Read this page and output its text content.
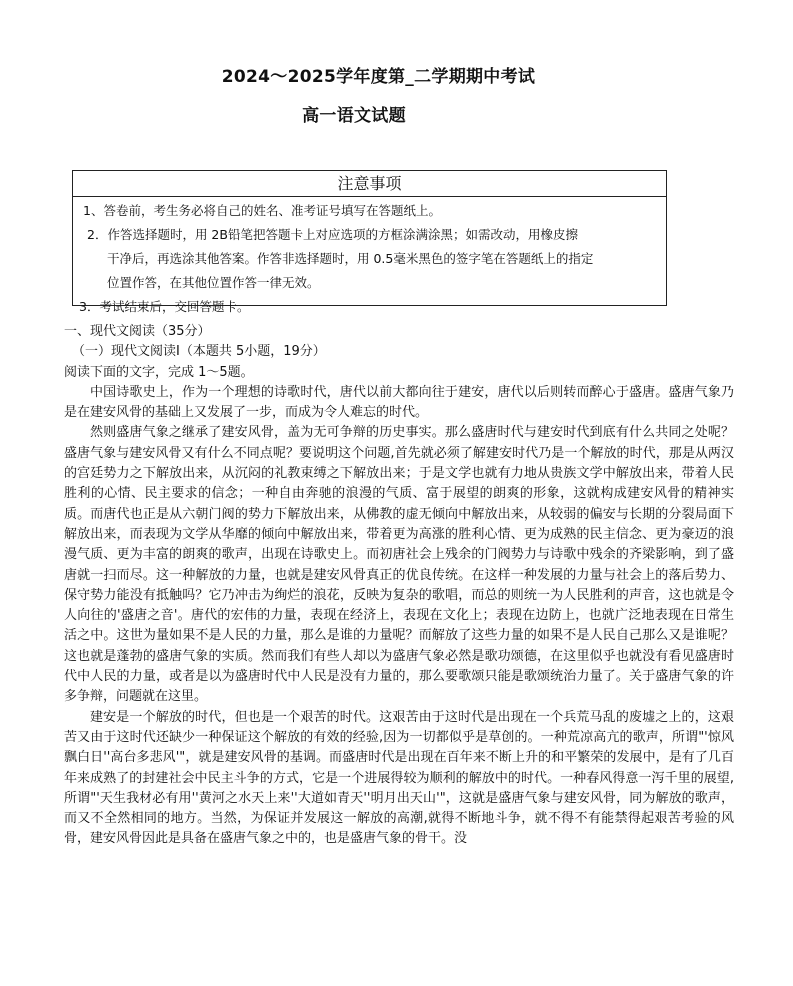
2024～2025学年度第_二学期期中考试
高一语文试题
注意事项
1、答卷前，考生务必将自己的姓名、准考证号填写在答题纸上。
2．作答选择题时，用 2B铅笔把答题卡上对应选项的方框涂满涂黑；如需改动，用橡皮擦
干净后，再选涂其他答案。作答非选择题时，用 0.5毫米黑色的签字笔在答题纸上的指定
位置作答，在其他位置作答一律无效。
3．考试结束后，交回答题卡。

一、现代文阅读（35分）

（一）现代文阅读Ⅰ（本题共 5小题，19分）

阅读下面的文字，完成 1～5题。

中国诗歌史上，作为一个理想的诗歌时代，唐代以前大都向往于建安，唐代以后则转而醉心于盛唐。盛唐气象乃是在建安风骨的基础上又发展了一步，而成为令人难忘的时代。

然则盛唐气象之继承了建安风骨，盖为无可争辩的历史事实。那么盛唐时代与建安时代到底有什么共同之处呢？盛唐气象与建安风骨又有什么不同点呢？要说明这个问题,首先就必须了解建安时代乃是一个解放的时代，那是从两汉的宫廷势力之下解放出来，从沉闷的礼教束缚之下解放出来；于是文学也就有力地从贵族文学中解放出来，带着人民胜利的心情、民主要求的信念；一种自由奔驰的浪漫的气质、富于展望的朗爽的形象，这就构成建安风骨的精神实质。而唐代也正是从六朝门阀的势力下解放出来，从佛教的虚无倾向中解放出来，从较弱的偏安与长期的分裂局面下解放出来，而表现为文学从华靡的倾向中解放出来，带着更为高涨的胜利心情、更为成熟的民主信念、更为豪迈的浪漫气质、更为丰富的朗爽的歌声，出现在诗歌史上。而初唐社会上残余的门阀势力与诗歌中残余的齐梁影响，到了盛唐就一扫而尽。这一种解放的力量，也就是建安风骨真正的优良传统。在这样一种发展的力量与社会上的落后势力、保守势力能没有抵触吗？它乃冲击为绚烂的浪花，反映为复杂的歌唱，而总的则统一为人民胜利的声音，这也就是令人向往的'盛唐之音'。唐代的宏伟的力量，表现在经济上，表现在文化上；表现在边防上，也就广泛地表现在日常生活之中。这世为量如果不是人民的力量，那么是谁的力量呢？而解放了这些力量的如果不是人民自己那么又是谁呢？这也就是蓬勃的盛唐气象的实质。然而我们有些人却以为盛唐气象必然是歌功颂德，在这里似乎也就没有看见盛唐时代中人民的力量，或者是以为盛唐时代中人民是没有力量的，那么要歌颂只能是歌颂统治力量了。关于盛唐气象的许多争辩，问题就在这里。

建安是一个解放的时代，但也是一个艰苦的时代。这艰苦由于这时代是出现在一个兵荒马乱的废墟之上的，这艰苦又由于这时代还缺少一种保证这个解放的有效的经验,因为一切都似乎是草创的。一种荒凉高亢的歌声，所谓"'惊风飘白日''高台多悲风'"，就是建安风骨的基调。而盛唐时代是出现在百年来不断上升的和平繁荣的发展中，是有了几百年来成熟了的封建社会中民主斗争的方式，它是一个进展得较为顺利的解放中的时代。一种春风得意一泻千里的展望,所谓"'天生我材必有用''黄河之水天上来''大道如青天''明月出天山'"，这就是盛唐气象与建安风骨，同为解放的歌声，而又不全然相同的地方。当然，为保证并发展这一解放的高潮,就得不断地斗争，就不得不有能禁得起艰苦考验的风骨，建安风骨因此是具备在盛唐气象之中的，也是盛唐气象的骨干。没
